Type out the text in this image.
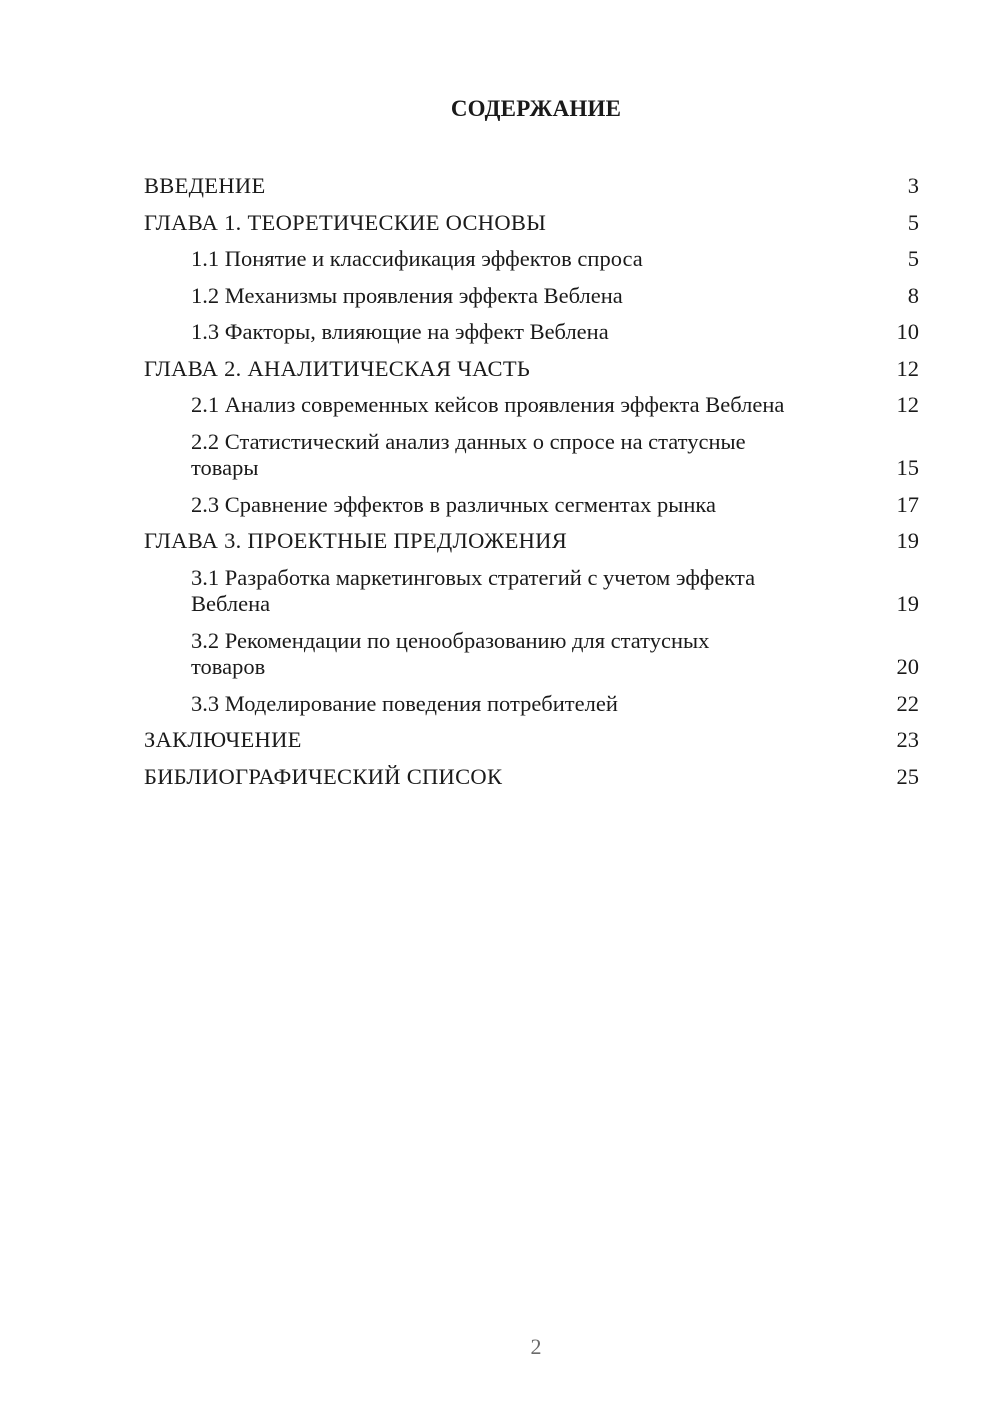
СОДЕРЖАНИЕ
ВВЕДЕНИЕ	3
ГЛАВА 1. ТЕОРЕТИЧЕСКИЕ ОСНОВЫ	5
1.1 Понятие и классификация эффектов спроса	5
1.2 Механизмы проявления эффекта Веблена	8
1.3 Факторы, влияющие на эффект Веблена	10
ГЛАВА 2. АНАЛИТИЧЕСКАЯ ЧАСТЬ	12
2.1 Анализ современных кейсов проявления эффекта Веблена	12
2.2 Статистический анализ данных о спросе на статусные товары	15
2.3 Сравнение эффектов в различных сегментах рынка	17
ГЛАВА 3. ПРОЕКТНЫЕ ПРЕДЛОЖЕНИЯ	19
3.1 Разработка маркетинговых стратегий с учетом эффекта Веблена	19
3.2 Рекомендации по ценообразованию для статусных товаров	20
3.3 Моделирование поведения потребителей	22
ЗАКЛЮЧЕНИЕ	23
БИБЛИОГРАФИЧЕСКИЙ СПИСОК	25
2
